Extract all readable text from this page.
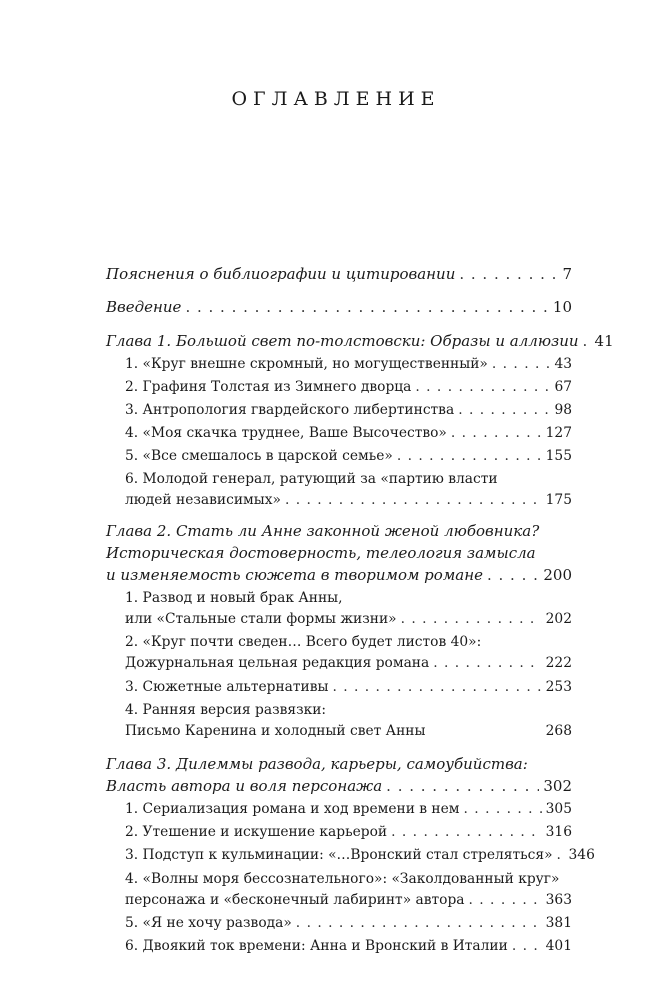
ОГЛАВЛЕНИЕ
Пояснения о библиографии и цитировании . . .	7
Введение . . .	10
Глава 1. Большой свет по-толстовски: Образы и аллюзии . . . 41
1. «Круг внешне скромный, но могущественный» . . .	43
2. Графиня Толстая из Зимнего дворца . . .	67
3. Антропология гвардейского либертинства . . .	98
4. «Моя скачка труднее, Ваше Высочество» . . .	127
5. «Все смешалось в царской семье» . . .	155
6. Молодой генерал, ратующий за «партию власти
людей независимых» . . .	175
Глава 2. Стать ли Анне законной женой любовника?
Историческая достоверность, телеология замысла
и изменяемость сюжета в творимом романе . . .	200
1. Развод и новый брак Анны,
или «Стальные стали формы жизни» . . .	202
2. «Круг почти сведен… Всего будет листов 40»:
Дожурнальная цельная редакция романа . . .	222
3. Сюжетные альтернативы . . .	253
4. Ранняя версия развязки:
Письмо Каренина и холодный свет Анны	268
Глава 3. Дилеммы развода, карьеры, самоубийства:
Власть автора и воля персонажа . . .	302
1. Сериализация романа и ход времени в нем . . .	305
2. Утешение и искушение карьерой . . .	316
3. Подступ к кульминации: «…Вронский стал стреляться» . . . 346
4. «Волны моря бессознательного»: «Заколдованный круг»
персонажа и «бесконечный лабиринт» автора . . .	363
5. «Я не хочу развода» . . .	381
6. Двоякий ток времени: Анна и Вронский в Италии . . .	401
